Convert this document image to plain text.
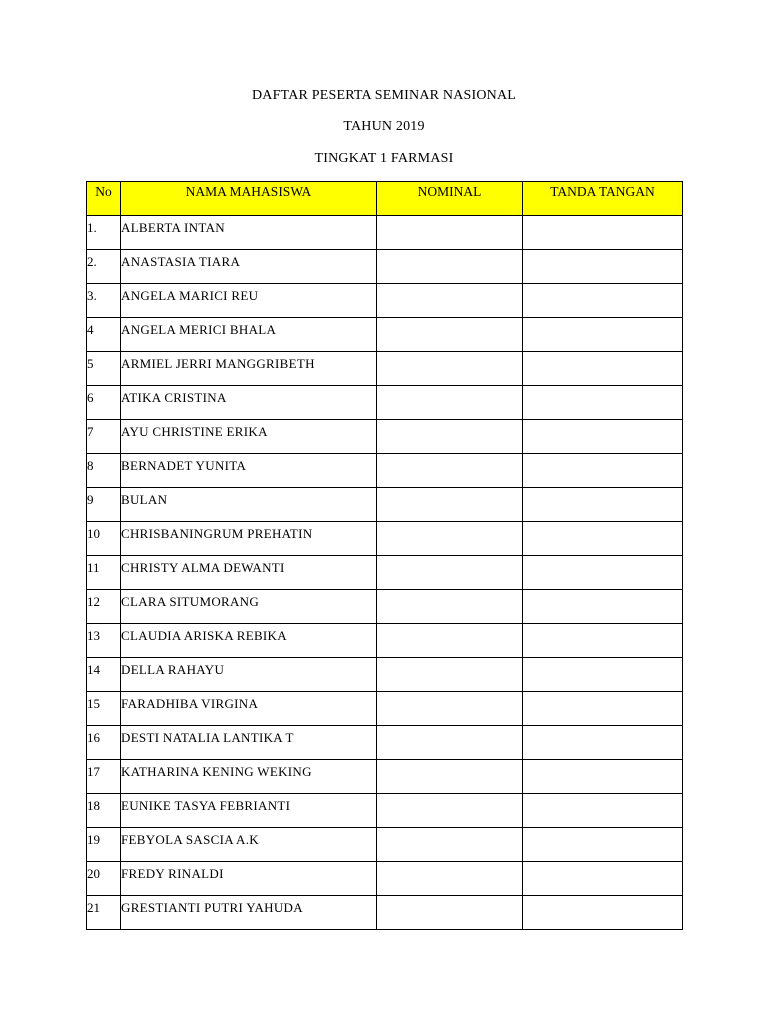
DAFTAR PESERTA SEMINAR NASIONAL
TAHUN 2019
TINGKAT 1 FARMASI
No	NAMA MAHASISWA	NOMINAL	TANDA TANGAN
1.	ALBERTA INTAN		
2.	ANASTASIA TIARA		
3.	ANGELA MARICI REU		
4	ANGELA MERICI BHALA		
5	ARMIEL JERRI MANGGRIBETH		
6	ATIKA CRISTINA		
7	AYU CHRISTINE ERIKA		
8	BERNADET YUNITA		
9	BULAN		
10	CHRISBANINGRUM PREHATIN		
11	CHRISTY ALMA DEWANTI		
12	CLARA SITUMORANG		
13	CLAUDIA ARISKA REBIKA		
14	DELLA RAHAYU		
15	FARADHIBA VIRGINA		
16	DESTI NATALIA LANTIKA T		
17	KATHARINA KENING WEKING		
18	EUNIKE TASYA FEBRIANTI		
19	FEBYOLA SASCIA A.K		
20	FREDY RINALDI		
21	GRESTIANTI PUTRI YAHUDA		
